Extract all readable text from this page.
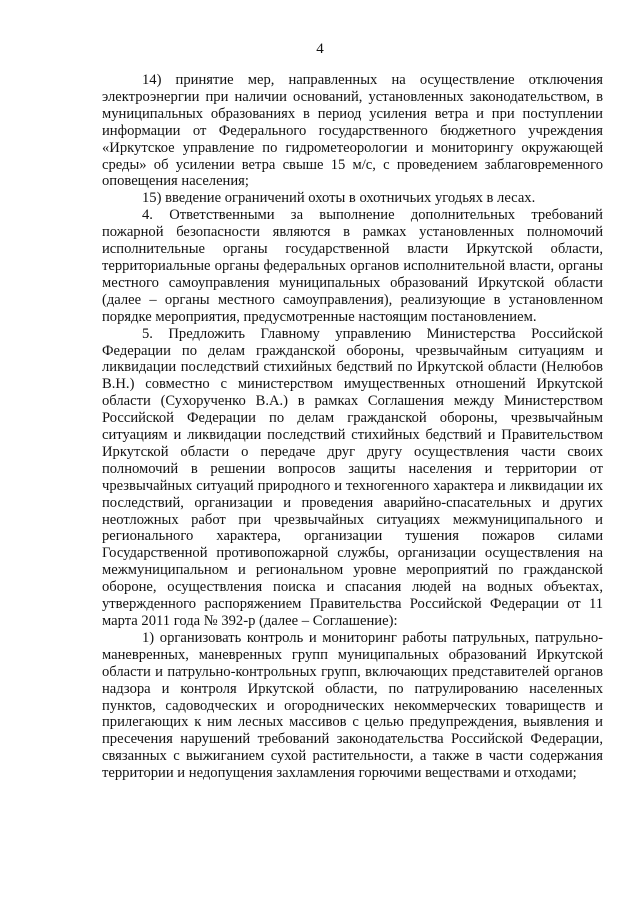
4

14) принятие мер, направленных на осуществление отключения электроэнергии при наличии оснований, установленных законодательством, в муниципальных образованиях в период усиления ветра и при поступлении информации от Федерального государственного бюджетного учреждения «Иркутское управление по гидрометеорологии и мониторингу окружающей среды» об усилении ветра свыше 15 м/с, с проведением заблаговременного оповещения населения;

15) введение ограничений охоты в охотничьих угодьях в лесах.

4. Ответственными за выполнение дополнительных требований пожарной безопасности являются в рамках установленных полномочий исполнительные органы государственной власти Иркутской области, территориальные органы федеральных органов исполнительной власти, органы местного самоуправления муниципальных образований Иркутской области (далее – органы местного самоуправления), реализующие в установленном порядке мероприятия, предусмотренные настоящим постановлением.

5. Предложить Главному управлению Министерства Российской Федерации по делам гражданской обороны, чрезвычайным ситуациям и ликвидации последствий стихийных бедствий по Иркутской области (Нелюбов В.Н.) совместно с министерством имущественных отношений Иркутской области (Сухорученко В.А.) в рамках Соглашения между Министерством Российской Федерации по делам гражданской обороны, чрезвычайным ситуациям и ликвидации последствий стихийных бедствий и Правительством Иркутской области о передаче друг другу осуществления части своих полномочий в решении вопросов защиты населения и территории от чрезвычайных ситуаций природного и техногенного характера и ликвидации их последствий, организации и проведения аварийно-спасательных и других неотложных работ при чрезвычайных ситуациях межмуниципального и регионального характера, организации тушения пожаров силами Государственной противопожарной службы, организации осуществления на межмуниципальном и региональном уровне мероприятий по гражданской обороне, осуществления поиска и спасания людей на водных объектах, утвержденного распоряжением Правительства Российской Федерации от 11 марта 2011 года № 392-р (далее – Соглашение):

1) организовать контроль и мониторинг работы патрульных, патрульно-маневренных, маневренных групп муниципальных образований Иркутской области и патрульно-контрольных групп, включающих представителей органов надзора и контроля Иркутской области, по патрулированию населенных пунктов, садоводческих и огороднических некоммерческих товариществ и прилегающих к ним лесных массивов с целью предупреждения, выявления и пресечения нарушений требований законодательства Российской Федерации, связанных с выжиганием сухой растительности, а также в части содержания территории и недопущения захламления горючими веществами и отходами;
